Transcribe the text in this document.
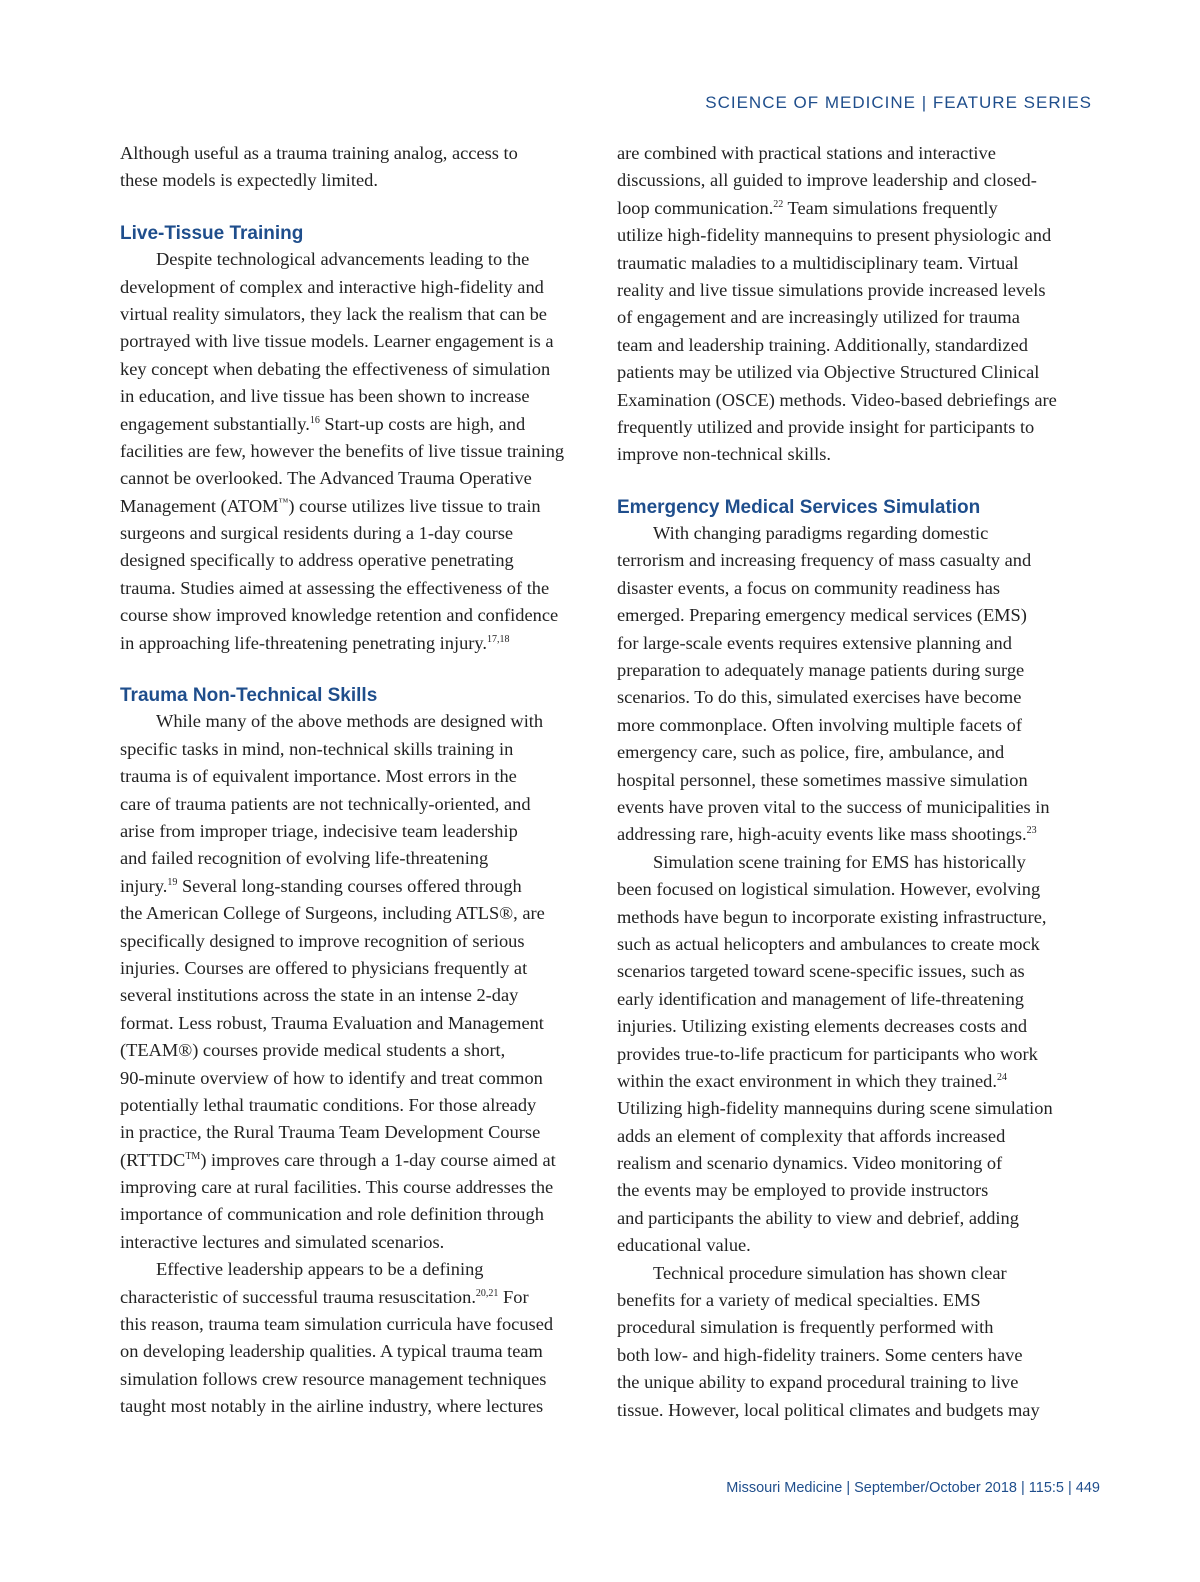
SCIENCE OF MEDICINE | FEATURE SERIES
Although useful as a trauma training analog, access to
these models is expectedly limited.
Live-Tissue Training
Despite technological advancements leading to the
development of complex and interactive high-fidelity and
virtual reality simulators, they lack the realism that can be
portrayed with live tissue models. Learner engagement is a
key concept when debating the effectiveness of simulation
in education, and live tissue has been shown to increase
engagement substantially.$^{16}$ Start-up costs are high, and
facilities are few, however the benefits of live tissue training
cannot be overlooked. The Advanced Trauma Operative
Management (ATOM™) course utilizes live tissue to train
surgeons and surgical residents during a 1-day course
designed specifically to address operative penetrating
trauma. Studies aimed at assessing the effectiveness of the
course show improved knowledge retention and confidence
in approaching life-threatening penetrating injury.$^{17,18}$
Trauma Non-Technical Skills
While many of the above methods are designed with
specific tasks in mind, non-technical skills training in
trauma is of equivalent importance. Most errors in the
care of trauma patients are not technically-oriented, and
arise from improper triage, indecisive team leadership
and failed recognition of evolving life-threatening
injury.$^{19}$ Several long-standing courses offered through
the American College of Surgeons, including ATLS®, are
specifically designed to improve recognition of serious
injuries. Courses are offered to physicians frequently at
several institutions across the state in an intense 2-day
format. Less robust, Trauma Evaluation and Management
(TEAM®) courses provide medical students a short,
90-minute overview of how to identify and treat common
potentially lethal traumatic conditions. For those already
in practice, the Rural Trauma Team Development Course
(RTTDC™) improves care through a 1-day course aimed at
improving care at rural facilities. This course addresses the
importance of communication and role definition through
interactive lectures and simulated scenarios.
Effective leadership appears to be a defining
characteristic of successful trauma resuscitation.$^{20,21}$ For
this reason, trauma team simulation curricula have focused
on developing leadership qualities. A typical trauma team
simulation follows crew resource management techniques
taught most notably in the airline industry, where lectures
are combined with practical stations and interactive
discussions, all guided to improve leadership and closed-
loop communication.$^{22}$ Team simulations frequently
utilize high-fidelity mannequins to present physiologic and
traumatic maladies to a multidisciplinary team. Virtual
reality and live tissue simulations provide increased levels
of engagement and are increasingly utilized for trauma
team and leadership training. Additionally, standardized
patients may be utilized via Objective Structured Clinical
Examination (OSCE) methods. Video-based debriefings are
frequently utilized and provide insight for participants to
improve non-technical skills.
Emergency Medical Services Simulation
With changing paradigms regarding domestic
terrorism and increasing frequency of mass casualty and
disaster events, a focus on community readiness has
emerged. Preparing emergency medical services (EMS)
for large-scale events requires extensive planning and
preparation to adequately manage patients during surge
scenarios. To do this, simulated exercises have become
more commonplace. Often involving multiple facets of
emergency care, such as police, fire, ambulance, and
hospital personnel, these sometimes massive simulation
events have proven vital to the success of municipalities in
addressing rare, high-acuity events like mass shootings.$^{23}$
Simulation scene training for EMS has historically
been focused on logistical simulation. However, evolving
methods have begun to incorporate existing infrastructure,
such as actual helicopters and ambulances to create mock
scenarios targeted toward scene-specific issues, such as
early identification and management of life-threatening
injuries. Utilizing existing elements decreases costs and
provides true-to-life practicum for participants who work
within the exact environment in which they trained.$^{24}$
Utilizing high-fidelity mannequins during scene simulation
adds an element of complexity that affords increased
realism and scenario dynamics. Video monitoring of
the events may be employed to provide instructors
and participants the ability to view and debrief, adding
educational value.
Technical procedure simulation has shown clear
benefits for a variety of medical specialties. EMS
procedural simulation is frequently performed with
both low- and high-fidelity trainers. Some centers have
the unique ability to expand procedural training to live
tissue. However, local political climates and budgets may
Missouri Medicine | September/October 2018 | 115:5 | 449
